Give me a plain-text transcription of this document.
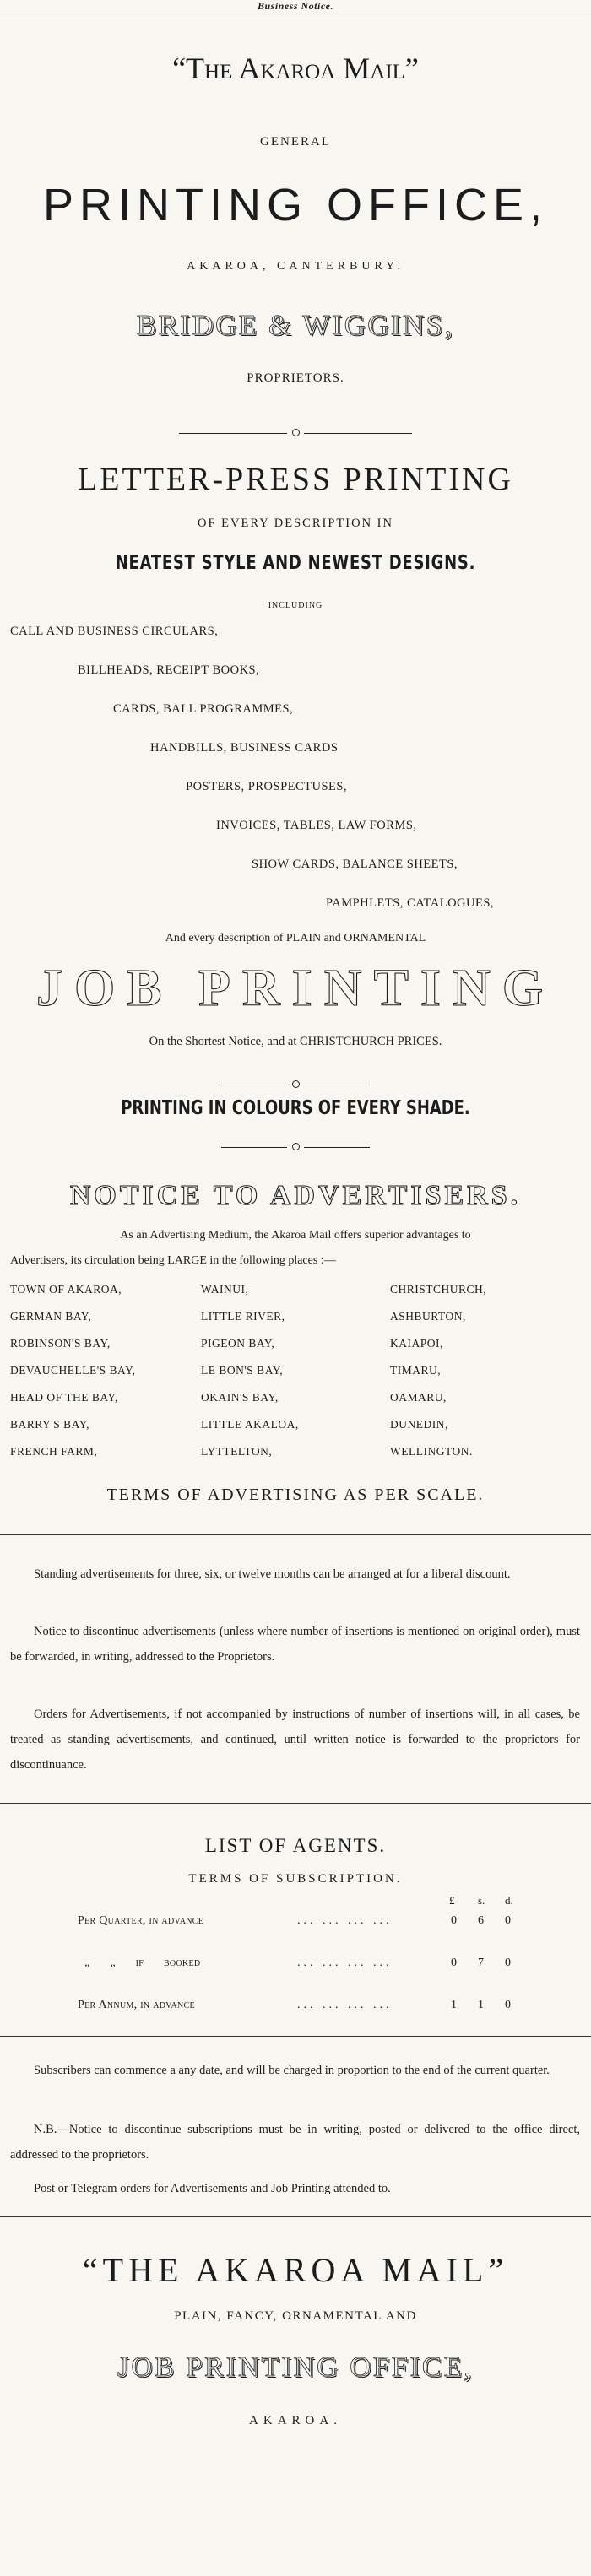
Business Notice.
“The Akaroa Mail”
GENERAL
PRINTING OFFICE,
AKAROA, CANTERBURY.
BRIDGE & WIGGINS,
PROPRIETORS.
LETTER-PRESS PRINTING
OF EVERY DESCRIPTION IN
NEATEST STYLE AND NEWEST DESIGNS.
INCLUDING
CALL AND BUSINESS CIRCULARS,
BILLHEADS, RECEIPT BOOKS,
CARDS, BALL PROGRAMMES,
HANDBILLS, BUSINESS CARDS
POSTERS, PROSPECTUSES,
INVOICES, TABLES, LAW FORMS,
SHOW CARDS, BALANCE SHEETS,
PAMPHLETS, CATALOGUES,
And every description of PLAIN and ORNAMENTAL
JOB PRINTING
On the Shortest Notice, and at CHRISTCHURCH PRICES.
PRINTING IN COLOURS OF EVERY SHADE.
NOTICE TO ADVERTISERS.
As an Advertising Medium, the Akaroa Mail offers superior advantages to
Advertisers, its circulation being LARGE in the following places :—
TOWN OF AKAROA,	WAINUI,	CHRISTCHURCH,
GERMAN BAY,	LITTLE RIVER,	ASHBURTON,
ROBINSON'S BAY,	PIGEON BAY,	KAIAPOI,
DEVAUCHELLE'S BAY,	LE BON'S BAY,	TIMARU,
HEAD OF THE BAY,	OKAIN'S BAY,	OAMARU,
BARRY'S BAY,	LITTLE AKALOA,	DUNEDIN,
FRENCH FARM,	LYTTELTON,	WELLINGTON.
TERMS OF ADVERTISING AS PER SCALE.
Standing advertisements for three, six, or twelve months can be arranged at for a liberal discount.
Notice to discontinue advertisements (unless where number of insertions is mentioned on original order), must be forwarded, in writing, addressed to the Proprietors.
Orders for Advertisements, if not accompanied by instructions of number of insertions will, in all cases, be treated as standing advertisements, and continued, until written notice is forwarded to the proprietors for discontinuance.
LIST OF AGENTS.
TERMS OF SUBSCRIPTION.
£ s. d.
Per Quarter, in advance	... ... ... ...	0 6 0
„ „ if booked	... ... ... ...	0 7 0
Per Annum, in advance	... ... ... ...	1 1 0
Subscribers can commence a any date, and will be charged in proportion to the end of the current quarter.
N.B.—Notice to discontinue subscriptions must be in writing, posted or delivered to the office direct, addressed to the proprietors.
Post or Telegram orders for Advertisements and Job Printing attended to.
“THE AKAROA MAIL”
PLAIN, FANCY, ORNAMENTAL AND
JOB PRINTING OFFICE,
AKAROA.
